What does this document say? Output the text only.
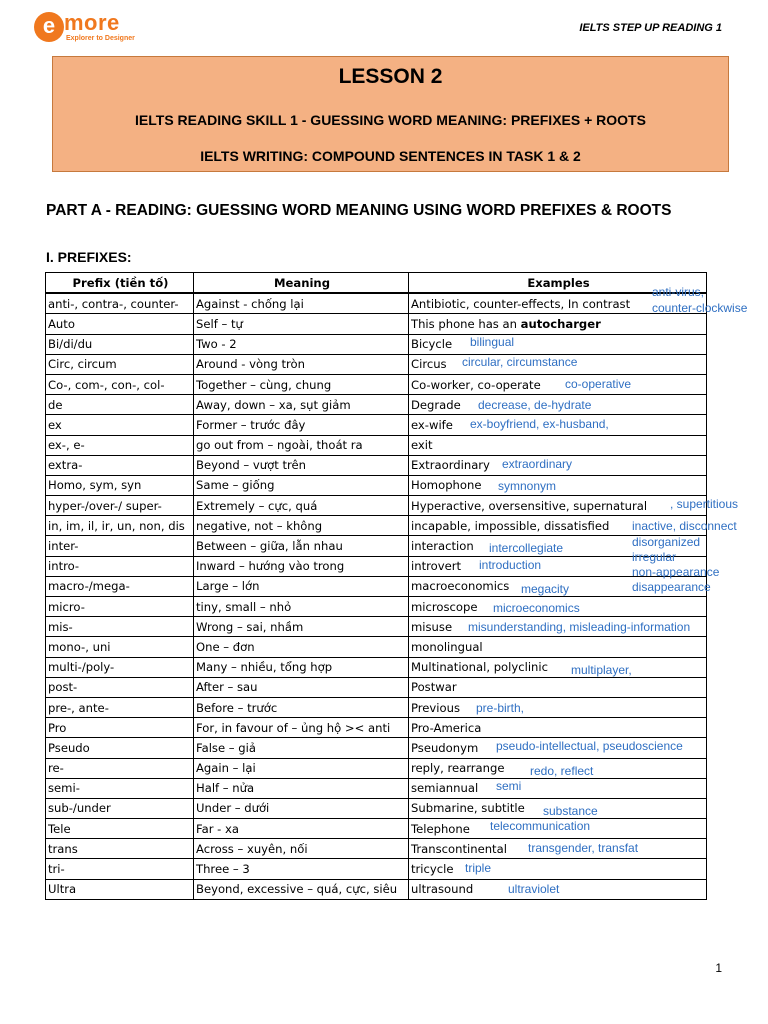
e more
Explorer to Designer
IELTS STEP UP READING 1
LESSON 2
IELTS READING SKILL 1 - GUESSING WORD MEANING: PREFIXES + ROOTS
IELTS WRITING: COMPOUND SENTENCES IN TASK 1 & 2
PART A - READING: GUESSING WORD MEANING USING WORD PREFIXES & ROOTS
I. PREFIXES:
Prefix (tiền tố)	Meaning	Examples
anti-, contra-, counter-	Against - chống lại	Antibiotic, counter-effects, In contrast
Auto	Self – tự	This phone has an autocharger
Bi/di/du	Two - 2	Bicycle
Circ, circum	Around - vòng tròn	Circus
Co-, com-, con-, col-	Together – cùng, chung	Co-worker, co-operate
de	Away, down – xa, sụt giảm	Degrade
ex	Former – trước đây	ex-wife
ex-, e-	go out from – ngoài, thoát ra	exit
extra-	Beyond – vượt trên	Extraordinary
Homo, sym, syn	Same – giống	Homophone
hyper-/over-/ super-	Extremely – cực, quá	Hyperactive, oversensitive, supernatural
in, im, il, ir, un, non, dis	negative, not – không	incapable, impossible, dissatisfied
inter-	Between – giữa, lẫn nhau	interaction
intro-	Inward – hướng vào trong	introvert
macro-/mega-	Large – lớn	macroeconomics
micro-	tiny, small – nhỏ	microscope
mis-	Wrong – sai, nhầm	misuse
mono-, uni	One – đơn	monolingual
multi-/poly-	Many – nhiều, tổng hợp	Multinational, polyclinic
post-	After – sau	Postwar
pre-, ante-	Before – trước	Previous
Pro	For, in favour of – ủng hộ >< anti	Pro-America
Pseudo	False – giả	Pseudonym
re-	Again – lại	reply, rearrange
semi-	Half – nửa	semiannual
sub-/under	Under – dưới	Submarine, subtitle
Tele	Far - xa	Telephone
trans	Across – xuyên, nối	Transcontinental
tri-	Three – 3	tricycle
Ultra	Beyond, excessive – quá, cực, siêu	ultrasound
anti-virus,
counter-clockwise
bilingual
circular, circumstance
co-operative
decrease, de-hydrate
ex-boyfriend, ex-husband,
extraordinary
symnonym
, supertitious
inactive, disconnect
disorganized
irregular
non-appearance
disappearance
intercollegiate
introduction
megacity
microeconomics
misunderstanding, misleading-information
multiplayer,
pre-birth,
pseudo-intellectual, pseudoscience
redo, reflect
semi
substance
telecommunication
transgender, transfat
triple
ultraviolet
1
